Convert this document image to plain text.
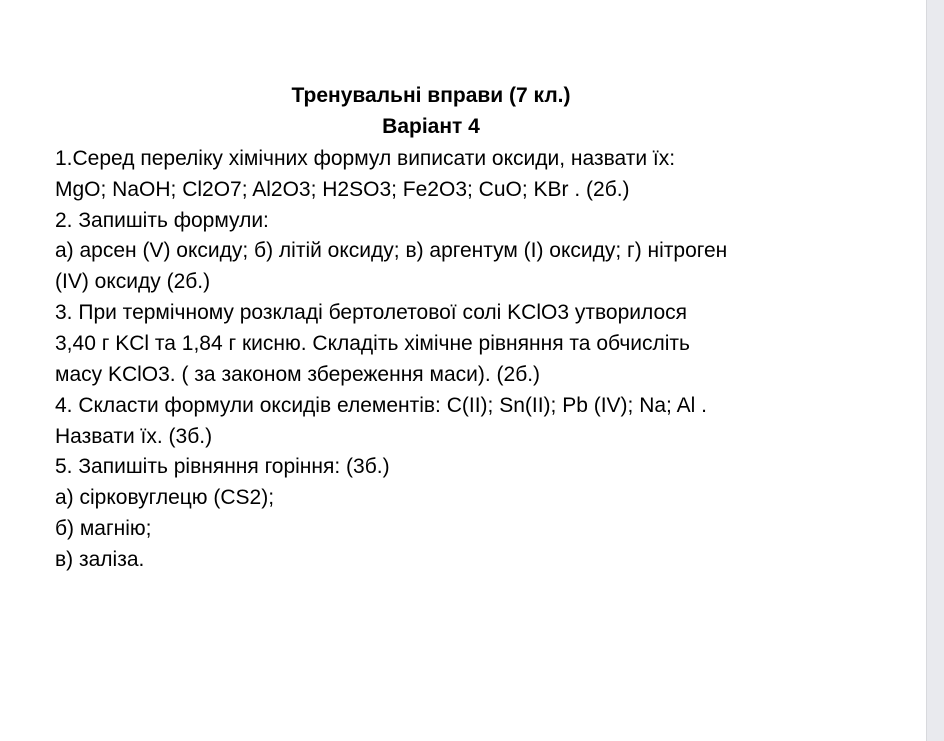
Тренувальні вправи (7 кл.)
Варіант 4
1.Серед переліку хімічних формул виписати оксиди, назвати їх:
MgO; NaOH; Cl2O7; Al2O3; H2SO3; Fe2O3; CuO; KBr . (2б.)
2. Запишіть формули:
а) арсен (V) оксиду; б) літій оксиду; в) аргентум (I) оксиду; г) нітроген
(IV) оксиду (2б.)
3. При термічному розкладі бертолетової солі KClO3 утворилося
3,40 г KCl та 1,84 г кисню. Складіть хімічне рівняння та обчисліть
масу KClO3. ( за законом збереження маси). (2б.)
4. Скласти формули оксидів елементів: C(II); Sn(II); Pb (IV); Na; Al .
Назвати їх. (3б.)
5. Запишіть рівняння горіння: (3б.)
а) сірковуглецю (CS2);
б) магнію;
в) заліза.
